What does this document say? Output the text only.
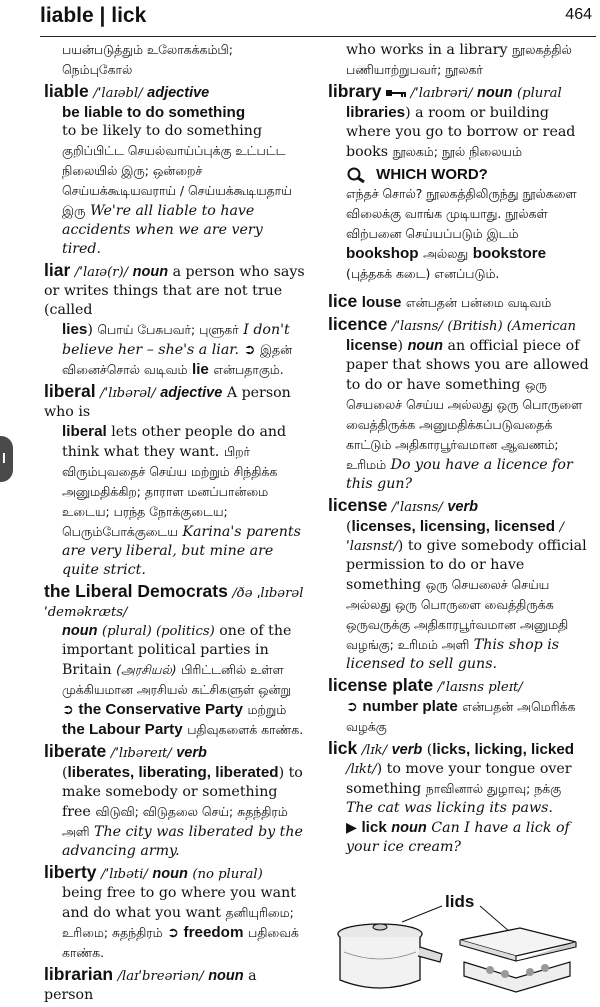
liable | lick	464
l
பயன்படுத்தும் உலோகக்கம்பி; நெம்புகோல்
liable /ˈlaɪəbl/ adjective
be liable to do something
to be likely to do something குறிப்பிட்ட செயல்வாய்ப்புக்கு உட்பட்ட நிலையில் இரு; ஒன்றைச் செய்யக்கூடியவராய் / செய்யக்கூடியதாய் இரு We're all liable to have accidents when we are very tired.
liar /ˈlaɪə(r)/ noun a person who says or writes things that are not true (called
lies) பொய் பேசுபவர்; புளுகர் I don't believe her – she's a liar. ➲ இதன் வினைச்சொல் வடிவம் lie என்பதாகும்.
liberal /ˈlɪbərəl/ adjective A person who is
liberal lets other people do and think what they want. பிறர் விரும்புவதைச் செய்ய மற்றும் சிந்திக்க அனுமதிக்கிற; தாராள மனப்பான்மை உடைய; பரந்த நோக்குடைய; பெரும்போக்குடைய Karina's parents are very liberal, but mine are quite strict.
the Liberal Democrats /ðə ˌlɪbərəl ˈdeməkræts/
noun (plural) (politics) one of the important political parties in Britain (அரசியல்) பிரிட்டனில் உள்ள முக்கியமான அரசியல் கட்சிகளுள் ஒன்று
➲ the Conservative Party மற்றும் the Labour Party பதிவுகளைக் காண்க.
liberate /ˈlɪbəreɪt/ verb
(liberates, liberating, liberated) to make somebody or something free விடுவி; விடுதலை செய்; சுதந்திரம் அளி The city was liberated by the advancing army.
liberty /ˈlɪbəti/ noun (no plural)
being free to go where you want and do what you want தனியுரிமை; உரிமை; சுதந்திரம் ➲ freedom பதிவைக் காண்க.
librarian /laɪˈbreəriən/ noun a person
who works in a library நூலகத்தில் பணியாற்றுபவர்; நூலகர்
library /ˈlaɪbrəri/ noun (plural
libraries) a room or building where you go to borrow or read books நூலகம்; நூல் நிலையம்
WHICH WORD?
எந்தச் சொல்? நூலகத்திலிருந்து நூல்களை விலைக்கு வாங்க முடியாது. நூல்கள் விற்பனை செய்யப்படும் இடம் bookshop அல்லது bookstore (புத்தகக் கடை) எனப்படும்.
lice louse என்பதன் பன்மை வடிவம்
licence /ˈlaɪsns/ (British) (American
license) noun an official piece of paper that shows you are allowed to do or have something ஒரு செயலைச் செய்ய அல்லது ஒரு பொருளை வைத்திருக்க அனுமதிக்கப்படுவதைக் காட்டும் அதிகாரபூர்வமான ஆவணம்; உரிமம் Do you have a licence for this gun?
license /ˈlaɪsns/ verb
(licenses, licensing, licensed /ˈlaɪsnst/) to give somebody official permission to do or have something ஒரு செயலைச் செய்ய அல்லது ஒரு பொருளை வைத்திருக்க ஒருவருக்கு அதிகாரபூர்வமான அனுமதி வழங்கு; உரிமம் அளி This shop is licensed to sell guns.
license plate /ˈlaɪsns pleɪt/
➲ number plate என்பதன் அமெரிக்க வழக்கு
lick /lɪk/ verb (licks, licking, licked
/lɪkt/) to move your tongue over something நாவினால் துழாவு; நக்கு The cat was licking its paws.
▶ lick noun Can I have a lick of your ice cream?
lids
